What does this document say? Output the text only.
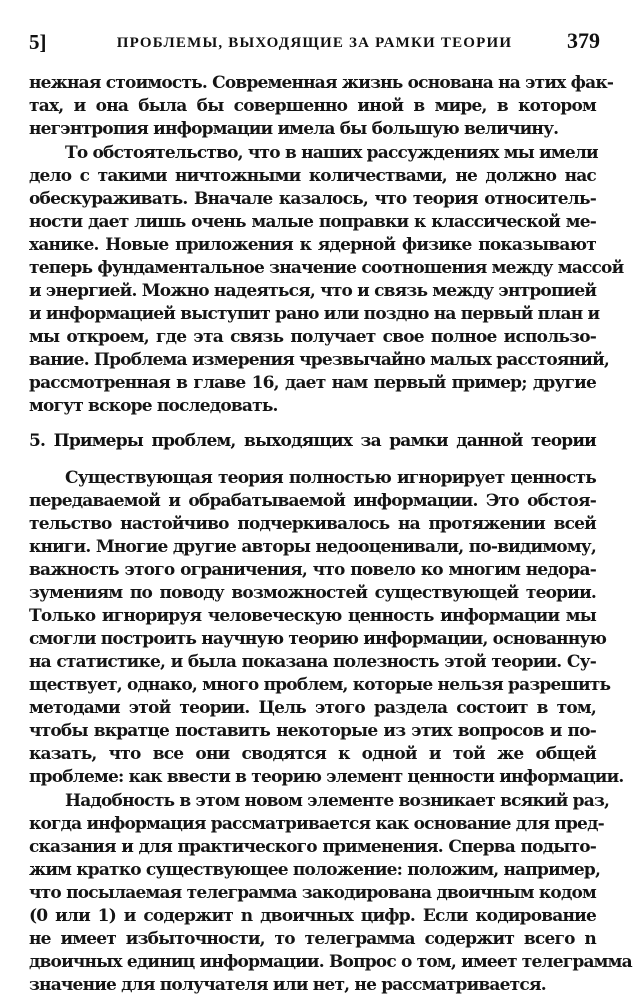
5]	ПРОБЛЕМЫ, ВЫХОДЯЩИЕ ЗА РАМКИ ТЕОРИИ	379
нежная стоимость. Современная жизнь основана на этих фак-
тах, и она была бы совершенно иной в мире, в котором
негэнтропия информации имела бы большую величину.
То обстоятельство, что в наших рассуждениях мы имели
дело с такими ничтожными количествами, не должно нас
обескураживать. Вначале казалось, что теория относитель-
ности дает лишь очень малые поправки к классической ме-
ханике. Новые приложения к ядерной физике показывают
теперь фундаментальное значение соотношения между массой
и энергией. Можно надеяться, что и связь между энтропией
и информацией выступит рано или поздно на первый план и
мы откроем, где эта связь получает свое полное использо-
вание. Проблема измерения чрезвычайно малых расстояний,
рассмотренная в главе 16, дает нам первый пример; другие
могут вскоре последовать.
5. Примеры проблем, выходящих за рамки данной теории
Существующая теория полностью игнорирует ценность
передаваемой и обрабатываемой информации. Это обстоя-
тельство настойчиво подчеркивалось на протяжении всей
книги. Многие другие авторы недооценивали, по-видимому,
важность этого ограничения, что повело ко многим недора-
зумениям по поводу возможностей существующей теории.
Только игнорируя человеческую ценность информации мы
смогли построить научную теорию информации, основанную
на статистике, и была показана полезность этой теории. Су-
ществует, однако, много проблем, которые нельзя разрешить
методами этой теории. Цель этого раздела состоит в том,
чтобы вкратце поставить некоторые из этих вопросов и по-
казать, что все они сводятся к одной и той же общей
проблеме: как ввести в теорию элемент ценности информации.
Надобность в этом новом элементе возникает всякий раз,
когда информация рассматривается как основание для пред-
сказания и для практического применения. Сперва подыто-
жим кратко существующее положение: положим, например,
что посылаемая телеграмма закодирована двоичным кодом
(0 или 1) и содержит n двоичных цифр. Если кодирование
не имеет избыточности, то телеграмма содержит всего n
двоичных единиц информации. Вопрос о том, имеет телеграмма
значение для получателя или нет, не рассматривается.
